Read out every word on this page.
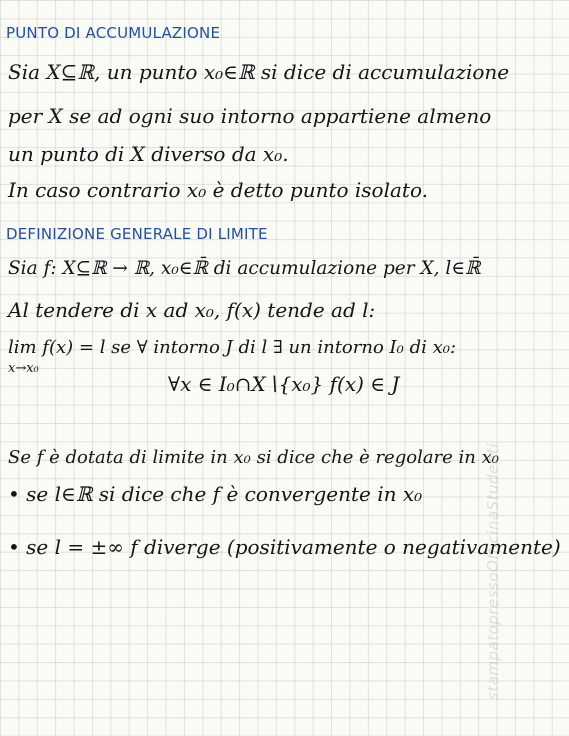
PUNTO DI ACCUMULAZIONE
Sia X⊆ℝ, un punto x₀∈ℝ si dice di accumulazione
per X se ad ogni suo intorno appartiene almeno
un punto di X diverso da x₀.
In caso contrario x₀ è detto punto isolato.
DEFINIZIONE GENERALE DI LIMITE
Sia f: X⊆ℝ → ℝ, x₀∈ℝ̄ di accumulazione per X, l∈ℝ̄
Al tendere di x ad x₀, f(x) tende ad l:
lim f(x) = l se ∀ intorno J di l ∃ un intorno I₀ di x₀:
x→x₀
∀x ∈ I₀∩X∖{x₀} f(x) ∈ J
Se f è dotata di limite in x₀ si dice che è regolare in x₀
• se l∈ℝ si dice che f è convergente in x₀
• se l = ±∞ f diverge (positivamente o negativamente)
stampatopressoOfficinaStudenti
